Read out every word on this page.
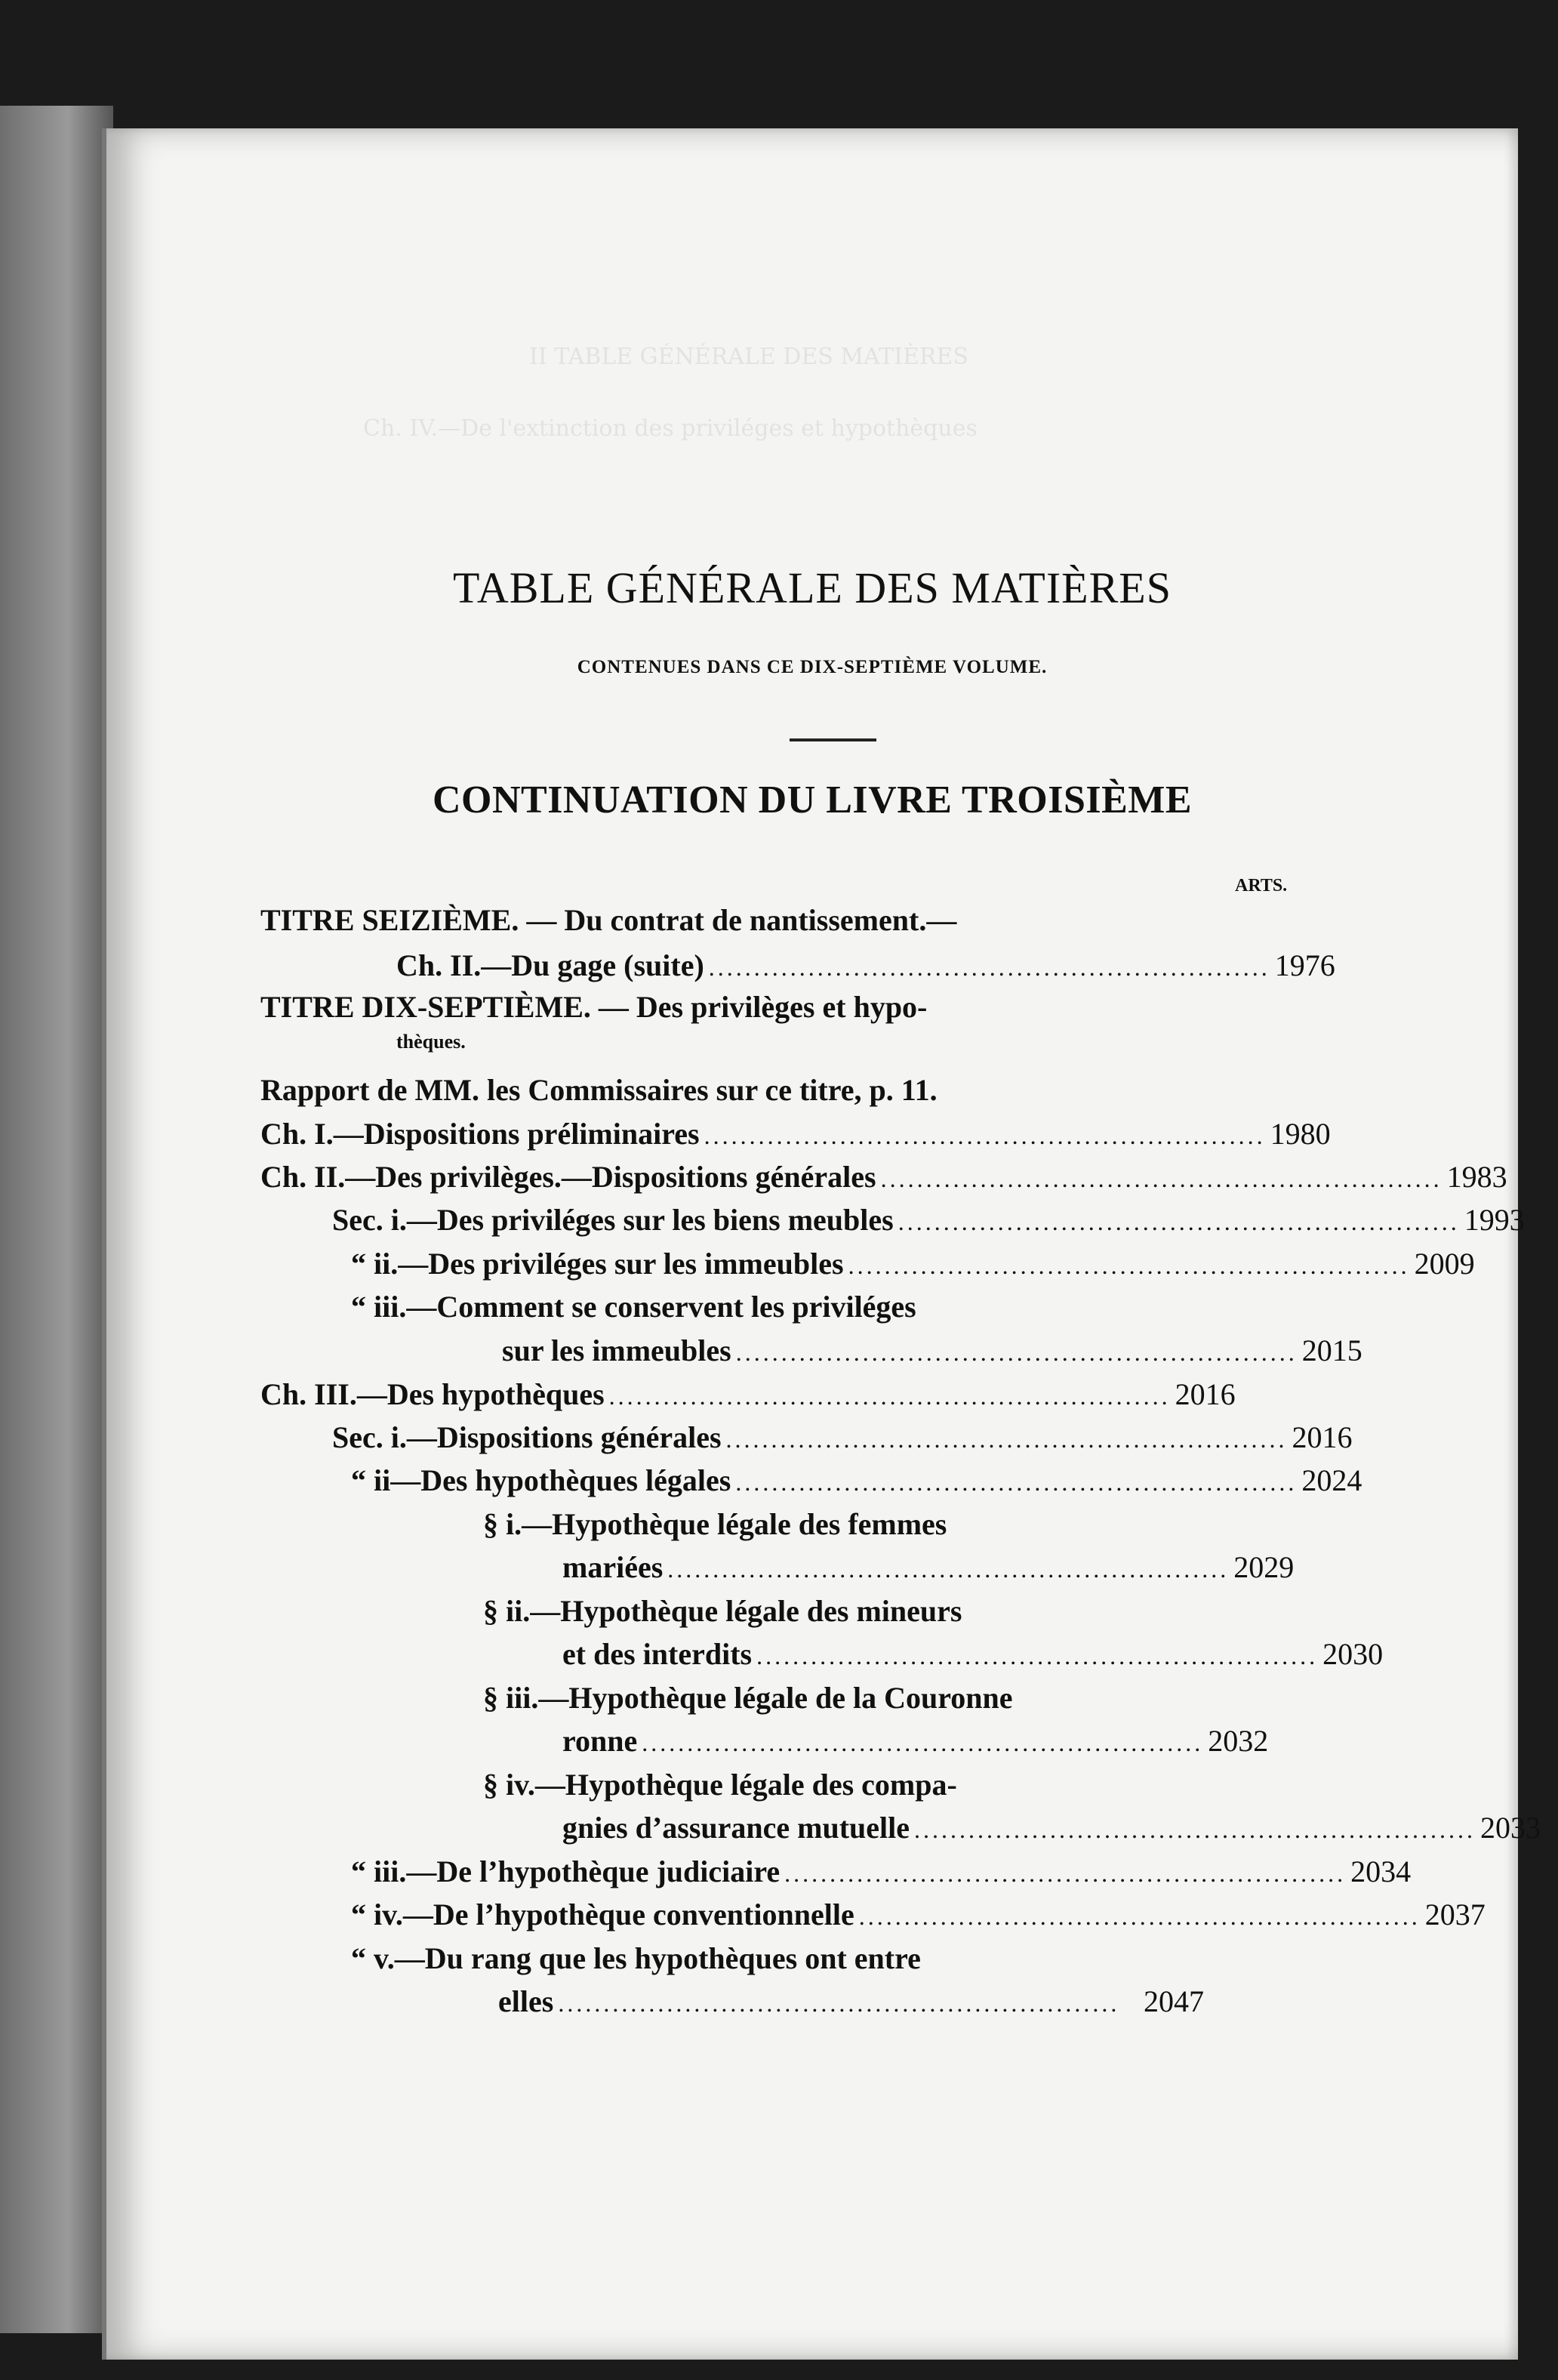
II TABLE GÉNÉRALE DES MATIÈRES
Ch. IV.—De l'extinction des priviléges et hypothèques
TABLE GÉNÉRALE DES MATIÈRES
CONTENUES DANS CE DIX-SEPTIÈME VOLUME.
CONTINUATION DU LIVRE TROISIÈME
ARTS.
TITRE SEIZIÈME. — Du contrat de nantissement.—
Ch. II.—Du gage (suite) .............................................................. 1976
TITRE DIX-SEPTIÈME. — Des privilèges et hypo-
thèques.
Rapport de MM. les Commissaires sur ce titre, p. 11.
Ch. I.—Dispositions préliminaires .............................................................. 1980
Ch. II.—Des privilèges.—Dispositions générales .............................................................. 1983
Sec. i.—Des priviléges sur les biens meubles .............................................................. 1993
“ ii.—Des priviléges sur les immeubles .............................................................. 2009
“ iii.—Comment se conservent les priviléges
sur les immeubles .............................................................. 2015
Ch. III.—Des hypothèques .............................................................. 2016
Sec. i.—Dispositions générales .............................................................. 2016
“ ii—Des hypothèques légales .............................................................. 2024
§ i.—Hypothèque légale des femmes
mariées .............................................................. 2029
§ ii.—Hypothèque légale des mineurs
et des interdits .............................................................. 2030
§ iii.—Hypothèque légale de la Couronne
ronne .............................................................. 2032
§ iv.—Hypothèque légale des compa-
gnies d’assurance mutuelle .............................................................. 2033
“ iii.—De l’hypothèque judiciaire .............................................................. 2034
“ iv.—De l’hypothèque conventionnelle .............................................................. 2037
“ v.—Du rang que les hypothèques ont entre
elles .............................................................. 2047
